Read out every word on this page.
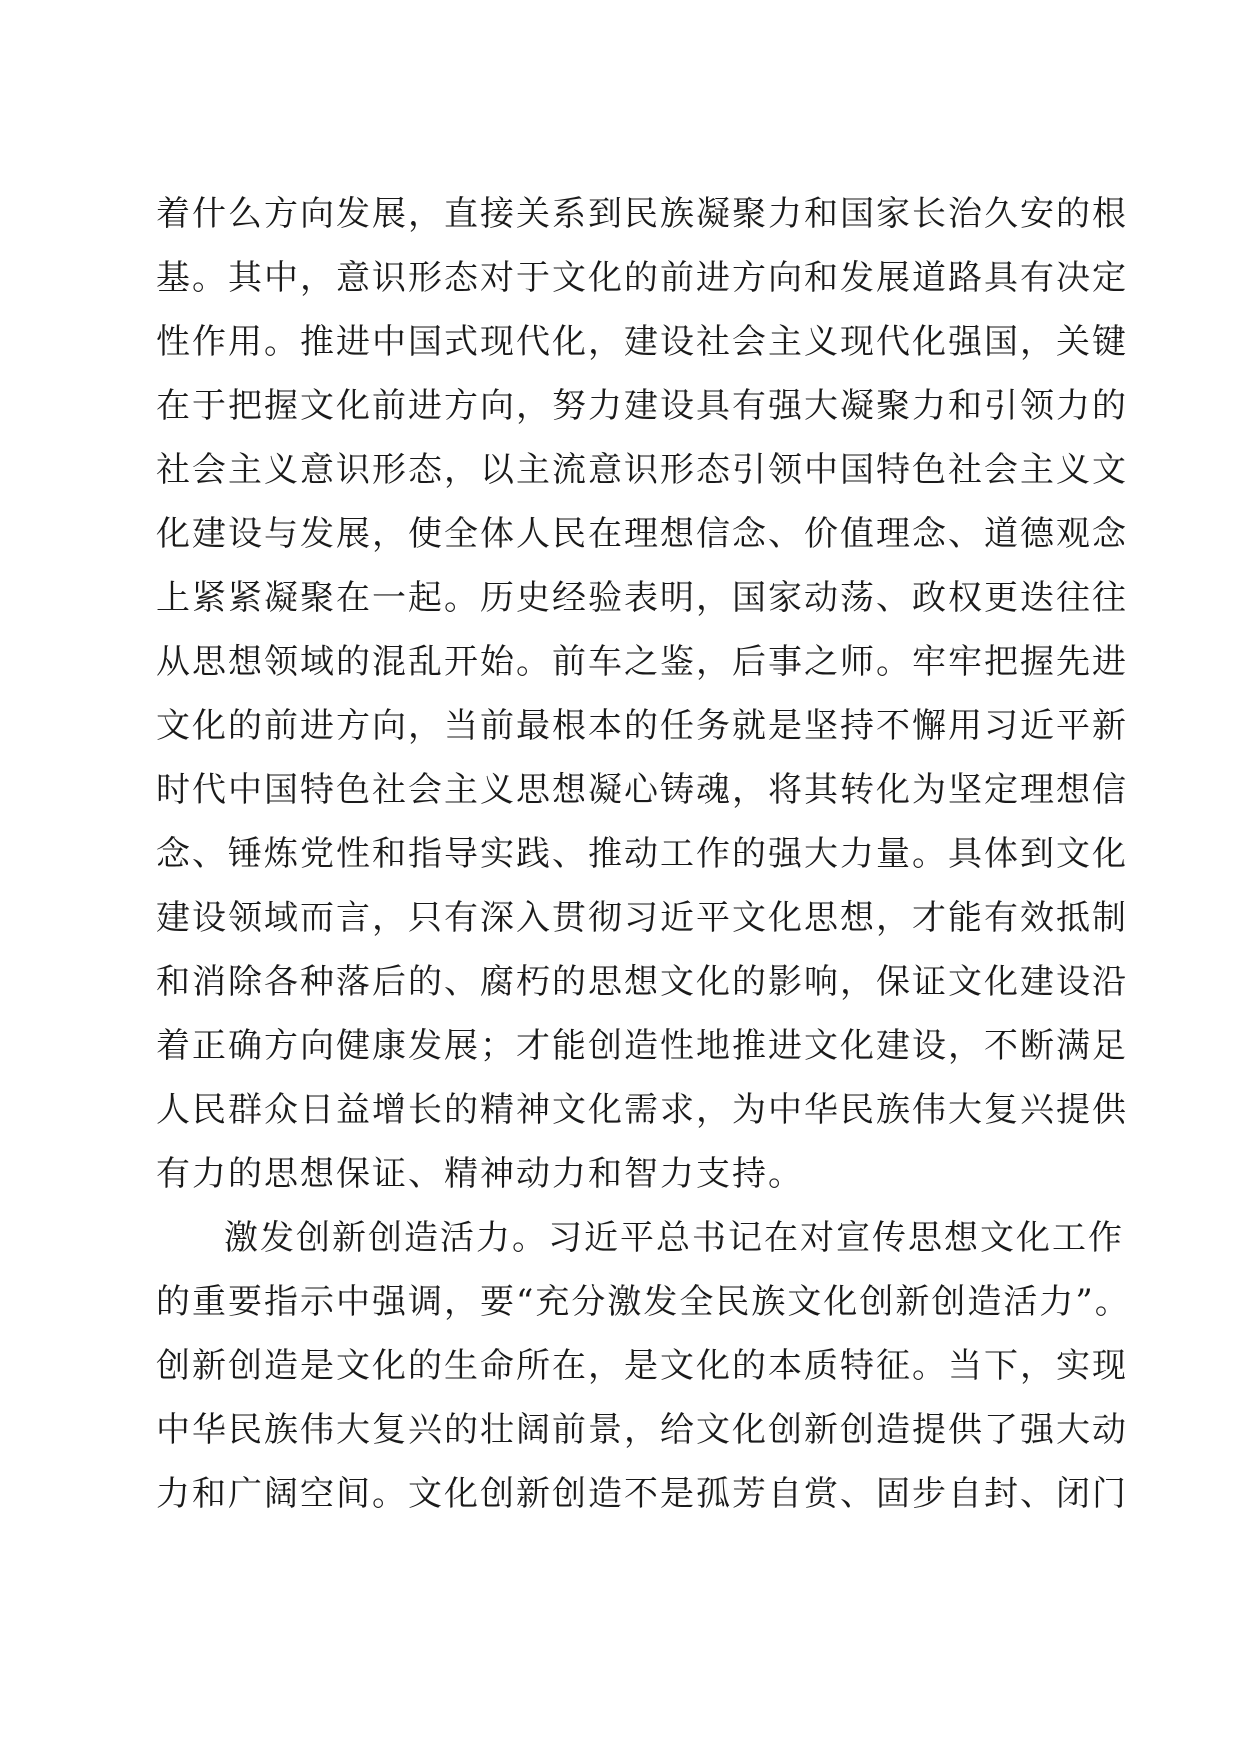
着什么方向发展，直接关系到民族凝聚力和国家长治久安的根
基。其中，意识形态对于文化的前进方向和发展道路具有决定
性作用。推进中国式现代化，建设社会主义现代化强国，关键
在于把握文化前进方向，努力建设具有强大凝聚力和引领力的
社会主义意识形态，以主流意识形态引领中国特色社会主义文
化建设与发展，使全体人民在理想信念、价值理念、道德观念
上紧紧凝聚在一起。历史经验表明，国家动荡、政权更迭往往
从思想领域的混乱开始。前车之鉴，后事之师。牢牢把握先进
文化的前进方向，当前最根本的任务就是坚持不懈用习近平新
时代中国特色社会主义思想凝心铸魂，将其转化为坚定理想信
念、锤炼党性和指导实践、推动工作的强大力量。具体到文化
建设领域而言，只有深入贯彻习近平文化思想，才能有效抵制
和消除各种落后的、腐朽的思想文化的影响，保证文化建设沿
着正确方向健康发展；才能创造性地推进文化建设，不断满足
人民群众日益增长的精神文化需求，为中华民族伟大复兴提供
有力的思想保证、精神动力和智力支持。
激发创新创造活力。习近平总书记在对宣传思想文化工作
的重要指示中强调，要“充分激发全民族文化创新创造活力”。
创新创造是文化的生命所在，是文化的本质特征。当下，实现
中华民族伟大复兴的壮阔前景，给文化创新创造提供了强大动
力和广阔空间。文化创新创造不是孤芳自赏、固步自封、闭门
